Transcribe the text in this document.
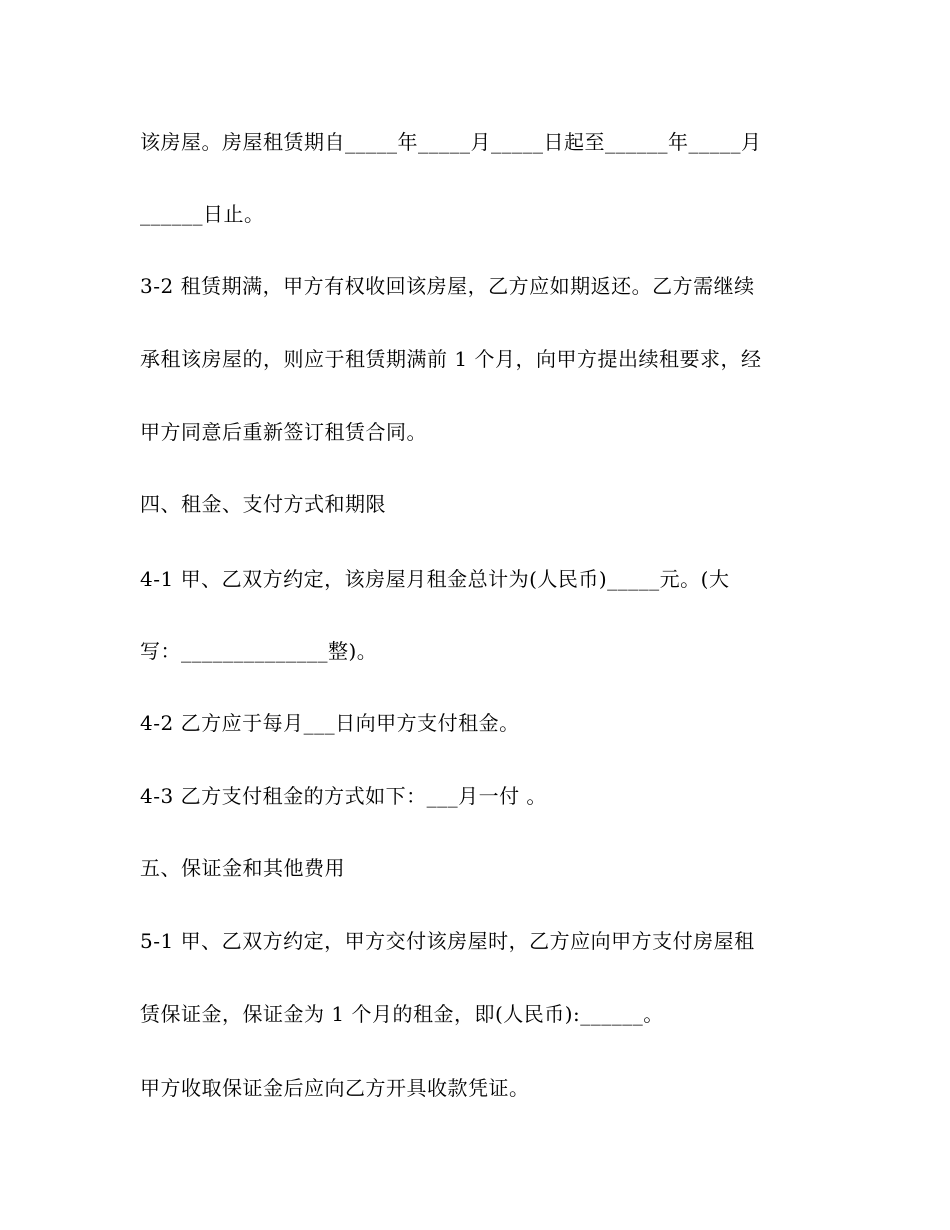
该房屋。房屋租赁期自_____年_____月_____日起至______年_____月
______日止。
3-2 租赁期满，甲方有权收回该房屋，乙方应如期返还。乙方需继续
承租该房屋的，则应于租赁期满前 1 个月，向甲方提出续租要求，经
甲方同意后重新签订租赁合同。
四、租金、支付方式和期限
4-1 甲、乙双方约定，该房屋月租金总计为(人民币)_____元。(大
写：______________整)。
4-2 乙方应于每月___日向甲方支付租金。
4-3 乙方支付租金的方式如下：___月一付 。
五、保证金和其他费用
5-1 甲、乙双方约定，甲方交付该房屋时，乙方应向甲方支付房屋租
赁保证金，保证金为 1 个月的租金，即(人民币):______。
甲方收取保证金后应向乙方开具收款凭证。
